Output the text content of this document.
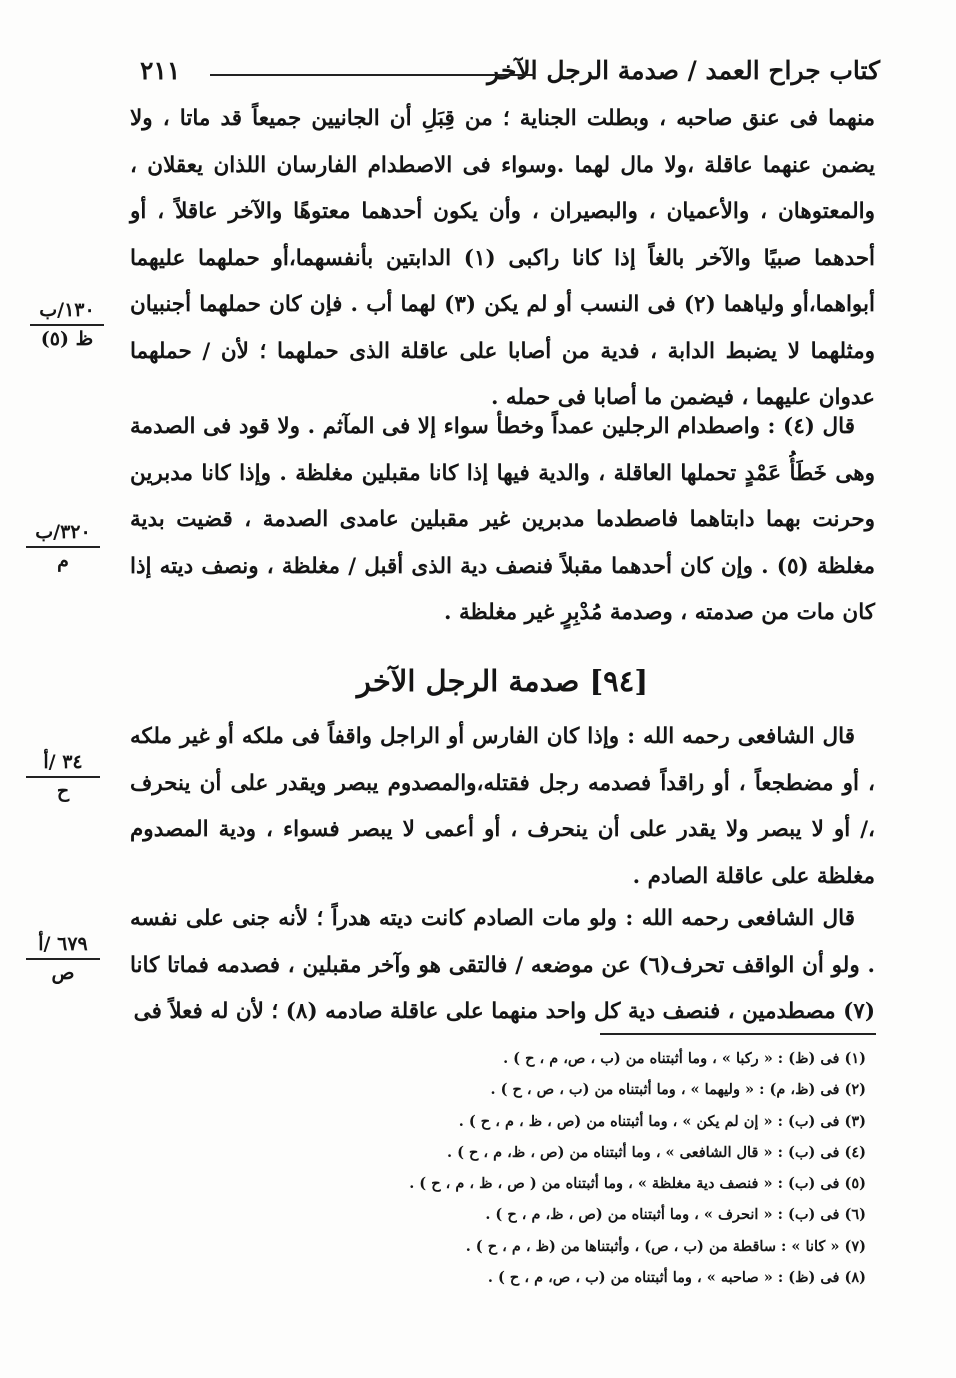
كتاب جراح العمد / صدمة الرجل الآخر
٢١١

منهما فى عنق صاحبه ، وبطلت الجناية ؛ من قِبَلِ أن الجانيين جميعاً قد ماتا ، ولا يضمن عنهما عاقلة ،ولا مال لهما .وسواء فى الاصطدام الفارسان اللذان يعقلان ، والمعتوهان ، والأعميان ، والبصيران ، وأن يكون أحدهما معتوهًا والآخر عاقلاً ، أو أحدهما صبيًا والآخر بالغاً إذا كانا راكبى (١) الدابتين بأنفسهما،أو حملهما عليهما أبواهما،أو ولياهما (٢) فى النسب أو لم يكن (٣) لهما أب . فإن كان حملهما أجنبيان ومثلهما لا يضبط الدابة ، فدية من أصابا على عاقلة الذى حملهما ؛ لأن / حملهما عدوان عليهما ، فيضمن ما أصابا فى حمله .

قال (٤) : واصطدام الرجلين عمداً وخطأ سواء إلا فى المآثم . ولا قود فى الصدمة وهى خَطَأُ عَمْدٍ تحملها العاقلة ، والدية فيها إذا كانا مقبلين مغلظة . وإذا كانا مدبرين وحرنت بهما دابتاهما فاصطدما مدبرين غير مقبلين عامدى الصدمة ، قضيت بدية مغلظة (٥) . وإن كان أحدهما مقبلاً فنصف دية الذى أقبل / مغلظة ، ونصف ديته إذا كان مات من صدمته ، وصدمة مُدْبِرٍ غير مغلظة .

[٩٤] صدمة الرجل الآخر

قال الشافعى رحمه الله : وإذا كان الفارس أو الراجل واقفاً فى ملكه أو غير ملكه ، أو مضطجعاً ، أو راقداً فصدمه رجل فقتله،والمصدوم يبصر ويقدر على أن ينحرف ،/ أو لا يبصر ولا يقدر على أن ينحرف ، أو أعمى لا يبصر فسواء ، ودية المصدوم مغلظة على عاقلة الصادم .

قال الشافعى رحمه الله : ولو مات الصادم كانت ديته هدراً ؛ لأنه جنى على نفسه . ولو أن الواقف تحرف(٦) عن موضعه / فالتقى هو وآخر مقبلين ، فصدمه فماتا كانا (٧) مصطدمين ، فنصف دية كل واحد منهما على عاقلة صادمه (٨) ؛ لأن له فعلاً فى

١٣٠/ب
ظ (٥)
٣٢٠/ب
م
٣٤ /أ
ح
٦٧٩ /أ
ص
(١) فى (ظ) : « ركبا » ، وما أثبتناه من (ب ، ص، م ، ح ) .
(٢) فى (ظ، م) : « وليهما » ، وما أثبتناه من (ب ، ص ، ح ) .
(٣) فى (ب) : « إن لم يكن » ، وما أثبتناه من (ص ، ظ ، م ، ح ) .
(٤) فى (ب) : « قال الشافعى » ، وما أثبتناه من (ص ، ظ، م ، ح ) .
(٥) فى (ب) : « فنصف دية مغلظة » ، وما أثبتناه من ( ص ، ظ ، م ، ح ) .
(٦) فى (ب) : « انحرف » ، وما أثبتناه من (ص ، ظ، م ، ح ) .
(٧) « كانا » : ساقطة من (ب ، ص) ، وأثبتناها من (ظ ، م ، ح ) .
(٨) فى (ظ) : « صاحبه » ، وما أثبتناه من (ب ، ص، م ، ح ) .
